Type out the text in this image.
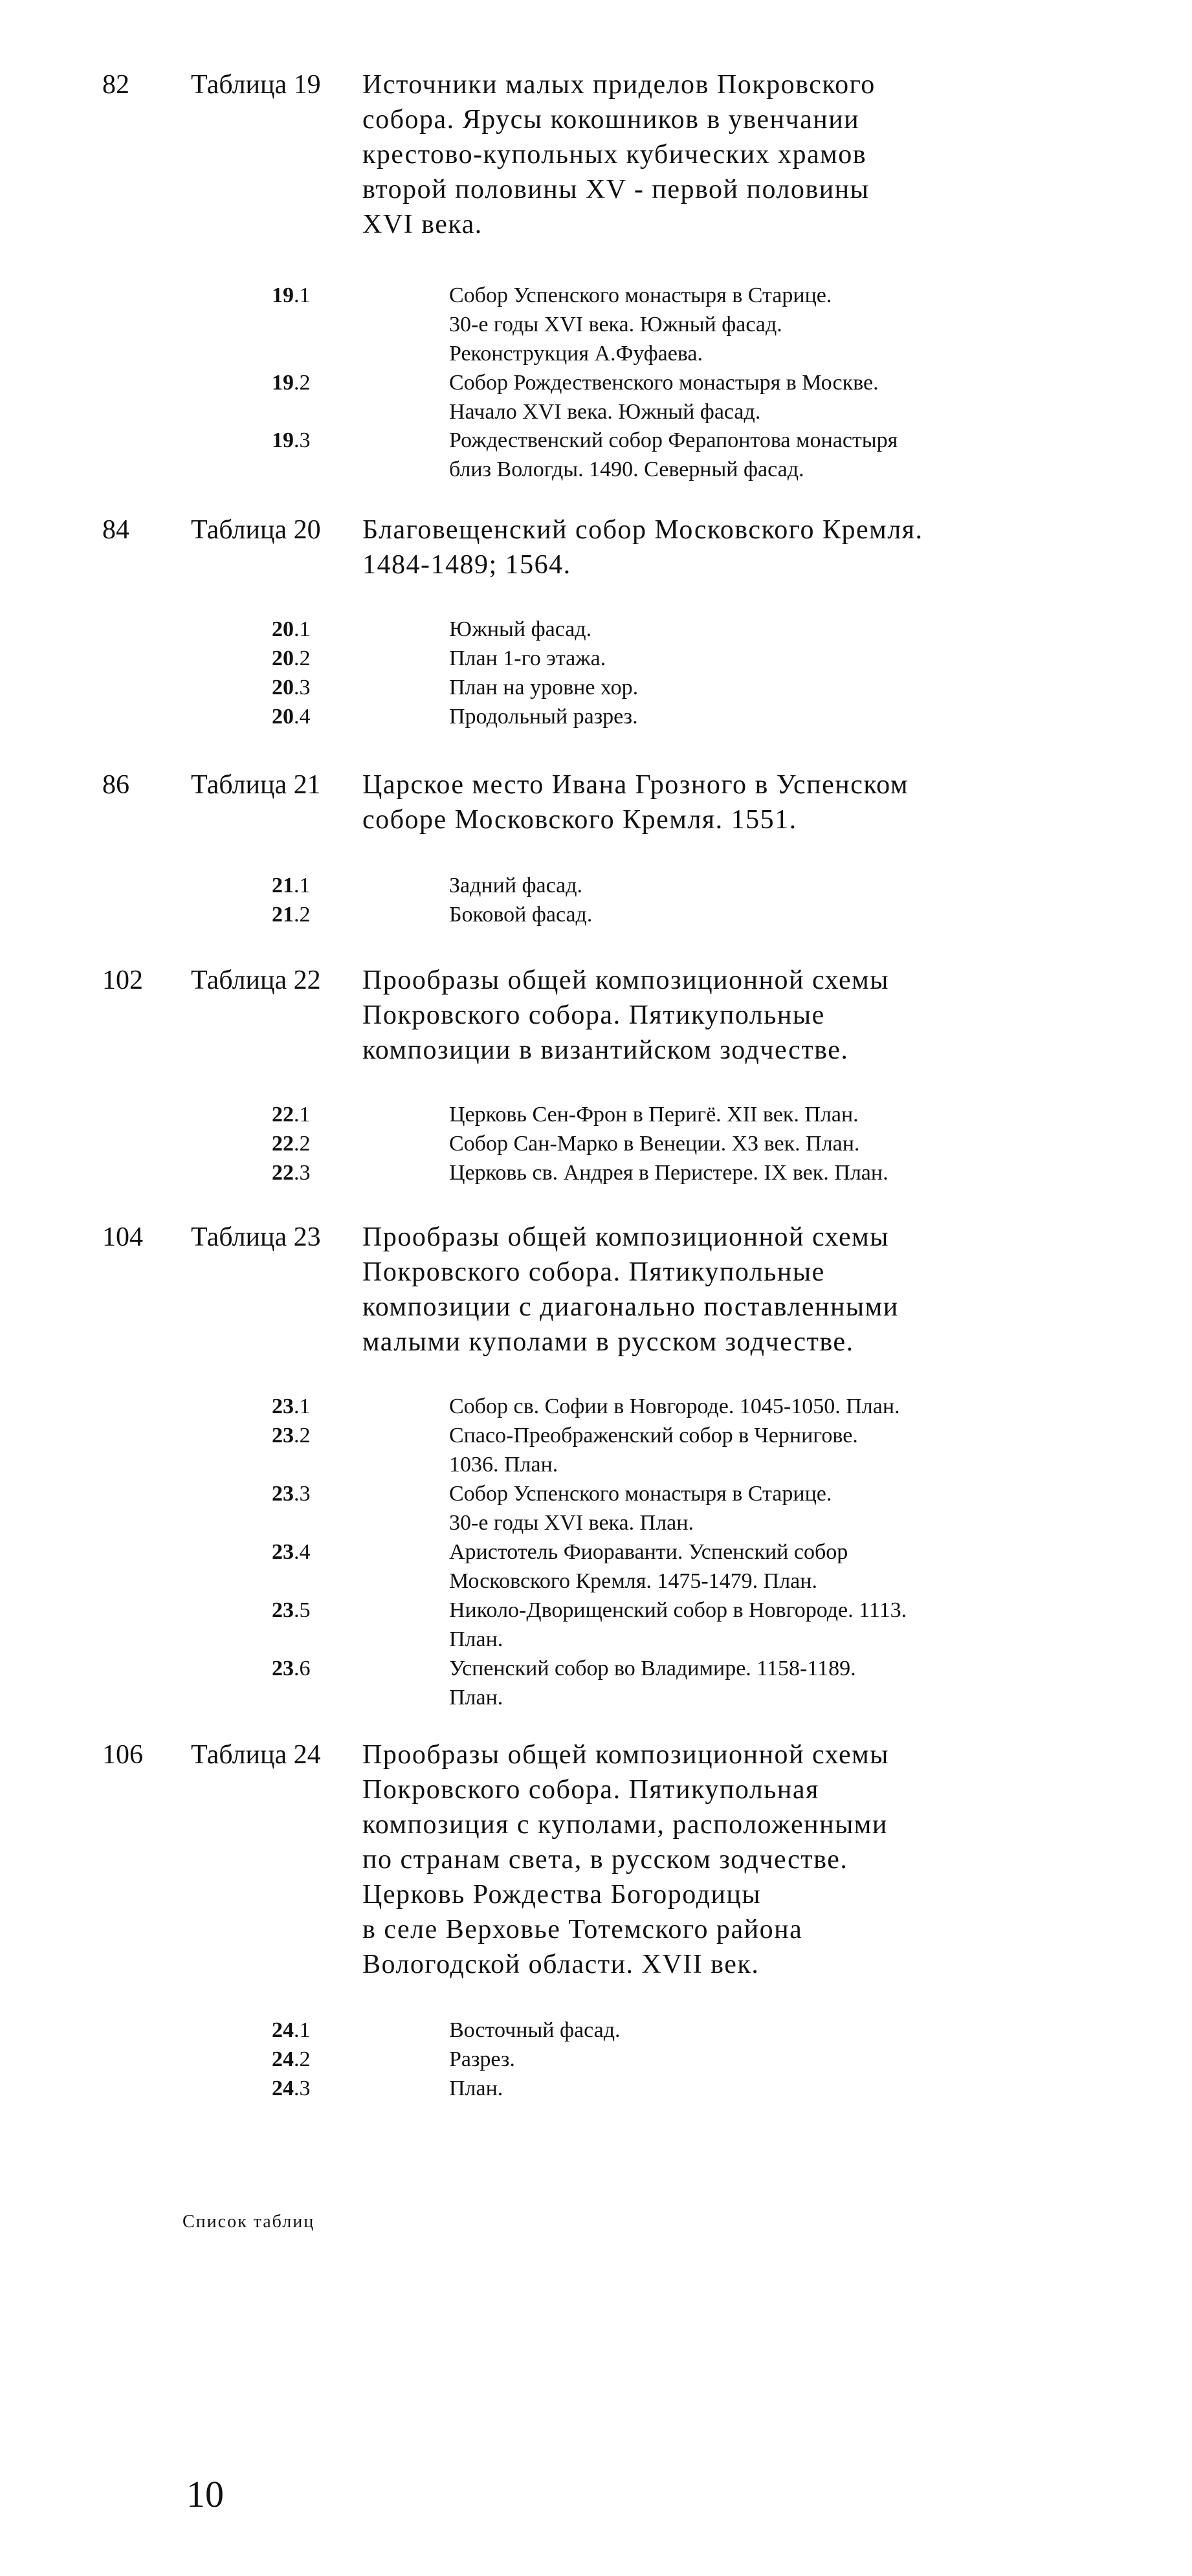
82 Таблица 19 Источники малых приделов Покровского
собора. Ярусы кокошников в увенчании
крестово-купольных кубических храмов
второй половины XV - первой половины
XVI века.
19.1	Собор Успенского монастыря в Старице.
30-е годы XVI века. Южный фасад.
Реконструкция А.Фуфаева.
19.2	Собор Рождественского монастыря в Москве.
Начало XVI века. Южный фасад.
19.3	Рождественский собор Ферапонтова монастыря
близ Вологды. 1490. Северный фасад.
84 Таблица 20 Благовещенский собор Московского Кремля.
1484-1489; 1564.
20.1	Южный фасад.
20.2	План 1-го этажа.
20.3	План на уровне хор.
20.4	Продольный разрез.
86 Таблица 21 Царское место Ивана Грозного в Успенском
соборе Московского Кремля. 1551.
21.1	Задний фасад.
21.2	Боковой фасад.
102 Таблица 22 Прообразы общей композиционной схемы
Покровского собора. Пятикупольные
композиции в византийском зодчестве.
22.1	Церковь Сен-Фрон в Перигё. XII век. План.
22.2	Собор Сан-Марко в Венеции. XЗ век. План.
22.3	Церковь св. Андрея в Перистере. IX век. План.
104 Таблица 23 Прообразы общей композиционной схемы
Покровского собора. Пятикупольные
композиции с диагонально поставленными
малыми куполами в русском зодчестве.
23.1	Собор св. Софии в Новгороде. 1045-1050. План.
23.2	Спасо-Преображенский собор в Чернигове.
1036. План.
23.3	Собор Успенского монастыря в Старице.
30-е годы XVI века. План.
23.4	Аристотель Фиораванти. Успенский собор
Московского Кремля. 1475-1479. План.
23.5	Николо-Дворищенский собор в Новгороде. 1113.
План.
23.6	Успенский собор во Владимире. 1158-1189.
План.
106 Таблица 24 Прообразы общей композиционной схемы
Покровского собора. Пятикупольная
композиция с куполами, расположенными
по странам света, в русском зодчестве.
Церковь Рождества Богородицы
в селе Верховье Тотемского района
Вологодской области. XVII век.
24.1	Восточный фасад.
24.2	Разрез.
24.3	План.
Список таблиц
10
